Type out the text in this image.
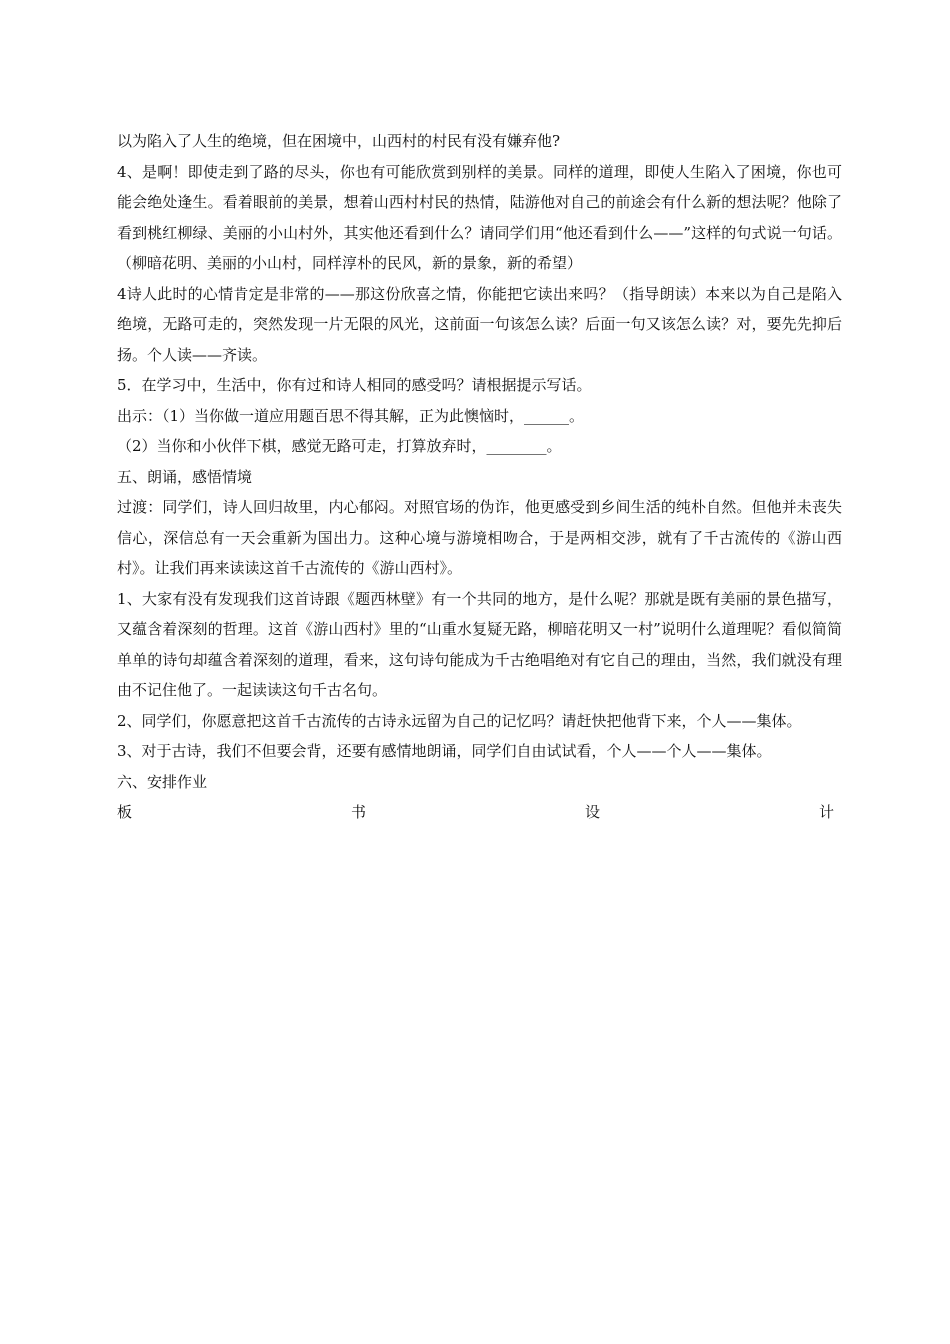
以为陷入了人生的绝境，但在困境中，山西村的村民有没有嫌弃他?

4、是啊！即使走到了路的尽头，你也有可能欣赏到别样的美景。同样的道理，即使人生陷入了困境，你也可能会绝处逢生。看着眼前的美景，想着山西村村民的热情，陆游他对自己的前途会有什么新的想法呢？他除了看到桃红柳绿、美丽的小山村外，其实他还看到什么？请同学们用“他还看到什么——”这样的句式说一句话。（柳暗花明、美丽的小山村，同样淳朴的民风，新的景象，新的希望）

4诗人此时的心情肯定是非常的——那这份欣喜之情，你能把它读出来吗？（指导朗读）本来以为自己是陷入绝境，无路可走的，突然发现一片无限的风光，这前面一句该怎么读？后面一句又该怎么读？对，要先先抑后扬。个人读——齐读。

5．在学习中，生活中，你有过和诗人相同的感受吗？请根据提示写话。

出示：（1）当你做一道应用题百思不得其解，正为此懊恼时，______。

（2）当你和小伙伴下棋，感觉无路可走，打算放弃时，________。

五、朗诵，感悟情境

过渡：同学们，诗人回归故里，内心郁闷。对照官场的伪诈，他更感受到乡间生活的纯朴自然。但他并未丧失信心，深信总有一天会重新为国出力。这种心境与游境相吻合，于是两相交涉，就有了千古流传的《游山西村》。让我们再来读读这首千古流传的《游山西村》。

1、大家有没有发现我们这首诗跟《题西林壁》有一个共同的地方，是什么呢？那就是既有美丽的景色描写，又蕴含着深刻的哲理。这首《游山西村》里的“山重水复疑无路，柳暗花明又一村”说明什么道理呢？看似简简单单的诗句却蕴含着深刻的道理，看来，这句诗句能成为千古绝唱绝对有它自己的理由，当然，我们就没有理由不记住他了。一起读读这句千古名句。

2、同学们，你愿意把这首千古流传的古诗永远留为自己的记忆吗？请赶快把他背下来，个人——集体。

3、对于古诗，我们不但要会背，还要有感情地朗诵，同学们自由试试看，个人——个人——集体。

六、安排作业

板	书	设	计
